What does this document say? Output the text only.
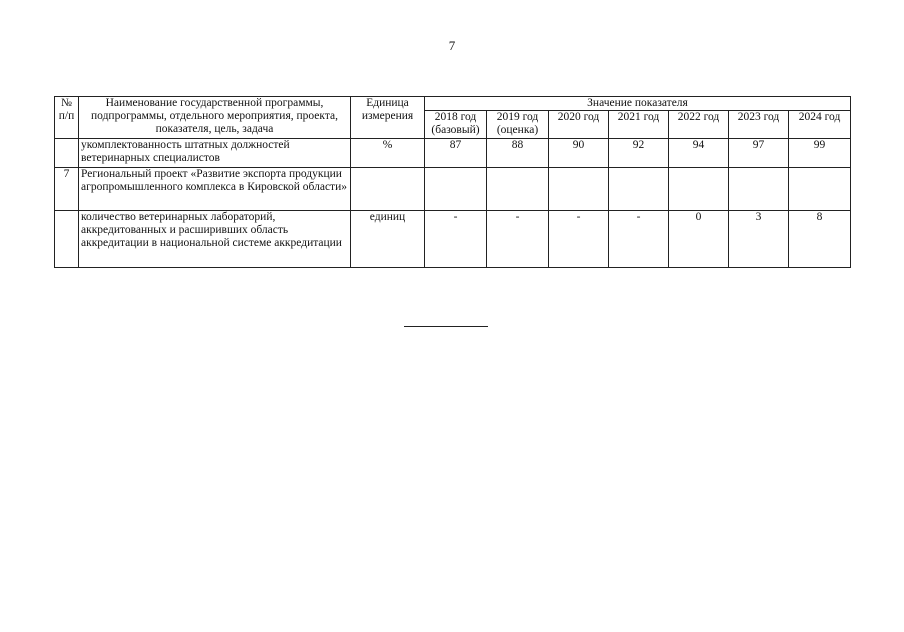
7
№ п/п	Наименование государственной программы, подпрограммы, отдельного мероприятия, проекта, показателя, цель, задача	Единица измерения	Значение показателя						
			2018 год (базовый)	2019 год (оценка)	2020 год	2021 год	2022 год	2023 год	2024 год
	укомплектованность штатных должностей ветеринарных специалистов	%	87	88	90	92	94	97	99
7	Региональный проект «Развитие экспорта продукции агропромышленного комплекса в Кировской области»								
	количество ветеринарных лабораторий, аккредитованных и расширивших область аккредитации в национальной системе аккредитации	единиц	-	-	-	-	0	3	8
